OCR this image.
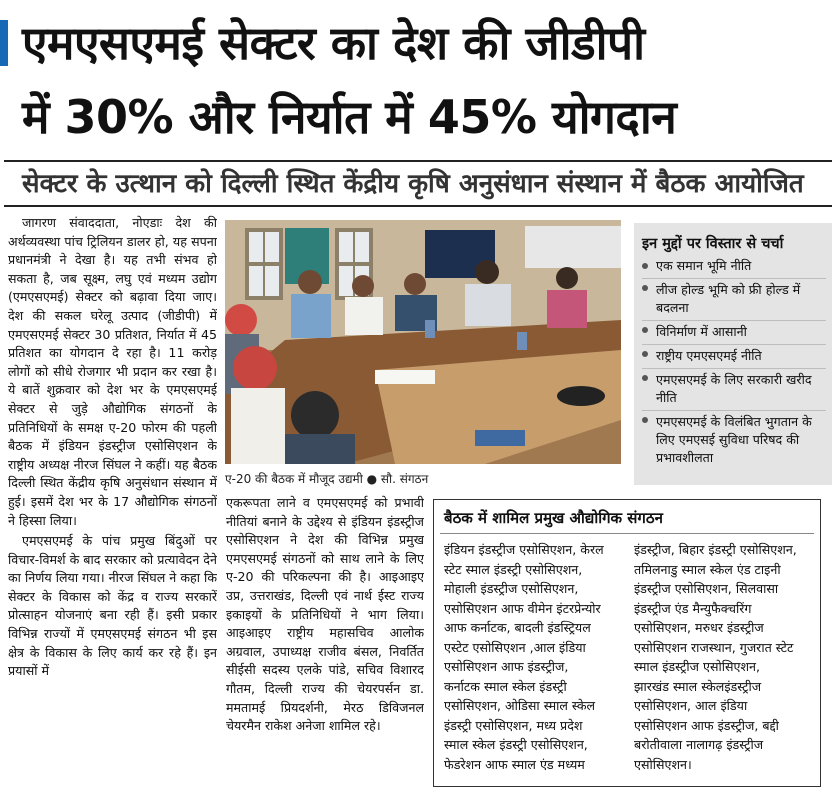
एमएसएमई सेक्टर का देश की जीडीपी
में 30% और निर्यात में 45% योगदान
सेक्टर के उत्थान को दिल्ली स्थित केंद्रीय कृषि अनुसंधान संस्थान में बैठक आयोजित

जागरण संवाददाता, नोएडाः देश की अर्थव्यवस्था पांच ट्रिलियन डालर हो, यह सपना प्रधानमंत्री ने देखा है। यह तभी संभव हो सकता है, जब सूक्ष्म, लघु एवं मध्यम उद्योग (एमएसएमई) सेक्टर को बढ़ावा दिया जाए। देश की सकल घरेलू उत्पाद (जीडीपी) में एमएसएमई सेक्टर 30 प्रतिशत, निर्यात में 45 प्रतिशत का योगदान दे रहा है। 11 करोड़ लोगों को सीधे रोजगार भी प्रदान कर रखा है। ये बातें शुक्रवार को देश भर के एमएसएमई सेक्टर से जुड़े औद्योगिक संगठनों के प्रतिनिधियों के समक्ष ए-20 फोरम की पहली बैठक में इंडियन इंडस्ट्रीज एसोसिएशन के राष्ट्रीय अध्यक्ष नीरज सिंघल ने कहीं। यह बैठक दिल्ली स्थित केंद्रीय कृषि अनुसंधान संस्थान में हुई। इसमें देश भर के 17 औद्योगिक संगठनों ने हिस्सा लिया।

एमएसएमई के पांच प्रमुख बिंदुओं पर विचार-विमर्श के बाद सरकार को प्रत्यावेदन देने का निर्णय लिया गया। नीरज सिंघल ने कहा कि सेक्टर के विकास को केंद्र व राज्य सरकारें प्रोत्साहन योजनाएं बना रही हैं। इसी प्रकार विभिन्न राज्यों में एमएसएमई संगठन भी इस क्षेत्र के विकास के लिए कार्य कर रहे हैं। इन प्रयासों में

ए-20 की बैठक में मौजूद उद्यमी ● सौ. संगठन
एकरूपता लाने व एमएसएमई को प्रभावी नीतियां बनाने के उद्देश्य से इंडियन इंडस्ट्रीज एसोसिएशन ने देश की विभिन्न प्रमुख एमएसएमई संगठनों को साथ लाने के लिए ए-20 की परिकल्पना की है। आइआइए उप्र, उत्तराखंड, दिल्ली एवं नार्थ ईस्ट राज्य इकाइयों के प्रतिनिधियों ने भाग लिया। आइआइए राष्ट्रीय महासचिव आलोक अग्रवाल, उपाध्यक्ष राजीव बंसल, निवर्तित सीईसी सदस्य एलके पांडे, सचिव विशारद गौतम, दिल्ली राज्य की चेयरपर्सन डा. ममतामई प्रियदर्शनी, मेरठ डिविजनल चेयरमैन राकेश अनेजा शामिल रहे।
इन मुद्दों पर विस्तार से चर्चा
एक समान भूमि नीति
लीज होल्ड भूमि को फ्री होल्ड में बदलना
विनिर्माण में आसानी
राष्ट्रीय एमएसएमई नीति
एमएसएमई के लिए सरकारी खरीद नीति
एमएसएमई के विलंबित भुगतान के लिए एमएसई सुविधा परिषद की प्रभावशीलता
बैठक में शामिल प्रमुख औद्योगिक संगठन
इंडियन इंडस्ट्रीज एसोसिएशन, केरल
स्टेट स्माल इंडस्ट्री एसोसिएशन,
मोहाली इंडस्ट्रीज एसोसिएशन,
एसोसिएशन आफ वीमेन इंटरप्रेन्योर
आफ कर्नाटक, बादली इंडस्ट्रियल
एस्टेट एसोसिएशन ,आल इंडिया
एसोसिएशन आफ इंडस्ट्रीज,
कर्नाटक स्माल स्केल इंडस्ट्री
एसोसिएशन, ओडिसा स्माल स्केल
इंडस्ट्री एसोसिएशन, मध्य प्रदेश
स्माल स्केल इंडस्ट्री एसोसिएशन,
फेडरेशन आफ स्माल एंड मध्यम
इंडस्ट्रीज, बिहार इंडस्ट्री एसोसिएशन,
तमिलनाडु स्माल स्केल एंड टाइनी
इंडस्ट्रीज एसोसिएशन, सिलवासा
इंडस्ट्रीज एंड मैन्युफैक्चरिंग
एसोसिएशन, मरुधर इंडस्ट्रीज
एसोसिएशन राजस्थान, गुजरात स्टेट
स्माल इंडस्ट्रीज एसोसिएशन,
झारखंड स्माल स्केलइंडस्ट्रीज
एसोसिएशन, आल इंडिया
एसोसिएशन आफ इंडस्ट्रीज, बद्दी
बरोतीवाला नालागढ़ इंडस्ट्रीज
एसोसिएशन।
